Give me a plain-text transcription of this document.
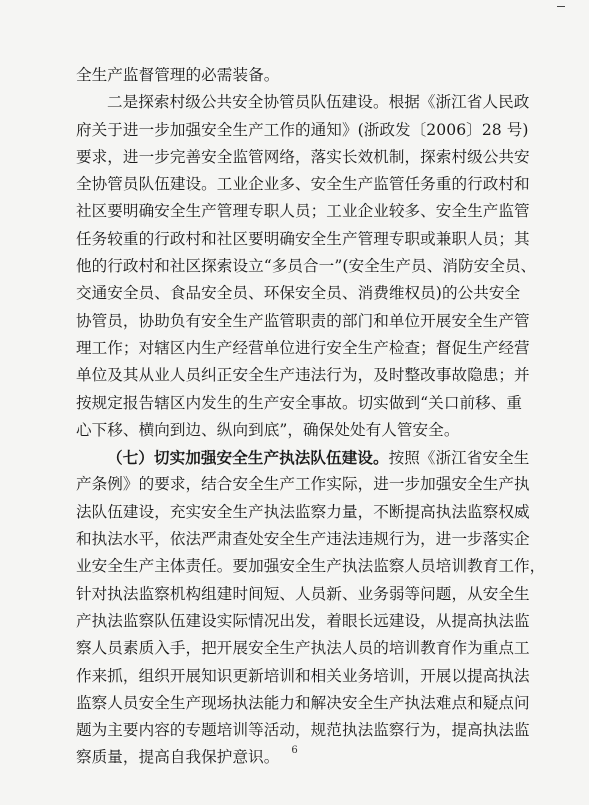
全生产监督管理的必需装备。
二是探索村级公共安全协管员队伍建设。根据《浙江省人民政
府关于进一步加强安全生产工作的通知》(浙政发〔2006〕28 号)
要求，进一步完善安全监管网络，落实长效机制，探索村级公共安
全协管员队伍建设。工业企业多、安全生产监管任务重的行政村和
社区要明确安全生产管理专职人员；工业企业较多、安全生产监管
任务较重的行政村和社区要明确安全生产管理专职或兼职人员；其
他的行政村和社区探索设立“多员合一”(安全生产员、消防安全员、
交通安全员、食品安全员、环保安全员、消费维权员)的公共安全
协管员，协助负有安全生产监管职责的部门和单位开展安全生产管
理工作；对辖区内生产经营单位进行安全生产检查；督促生产经营
单位及其从业人员纠正安全生产违法行为，及时整改事故隐患；并
按规定报告辖区内发生的生产安全事故。切实做到“关口前移、重
心下移、横向到边、纵向到底”，确保处处有人管安全。
（七）切实加强安全生产执法队伍建设。按照《浙江省安全生
产条例》的要求，结合安全生产工作实际，进一步加强安全生产执
法队伍建设，充实安全生产执法监察力量，不断提高执法监察权威
和执法水平，依法严肃查处安全生产违法违规行为，进一步落实企
业安全生产主体责任。要加强安全生产执法监察人员培训教育工作，
针对执法监察机构组建时间短、人员新、业务弱等问题，从安全生
产执法监察队伍建设实际情况出发，着眼长远建设，从提高执法监
察人员素质入手，把开展安全生产执法人员的培训教育作为重点工
作来抓，组织开展知识更新培训和相关业务培训，开展以提高执法
监察人员安全生产现场执法能力和解决安全生产执法难点和疑点问
题为主要内容的专题培训等活动，规范执法监察行为，提高执法监
察质量，提高自我保护意识。	6
